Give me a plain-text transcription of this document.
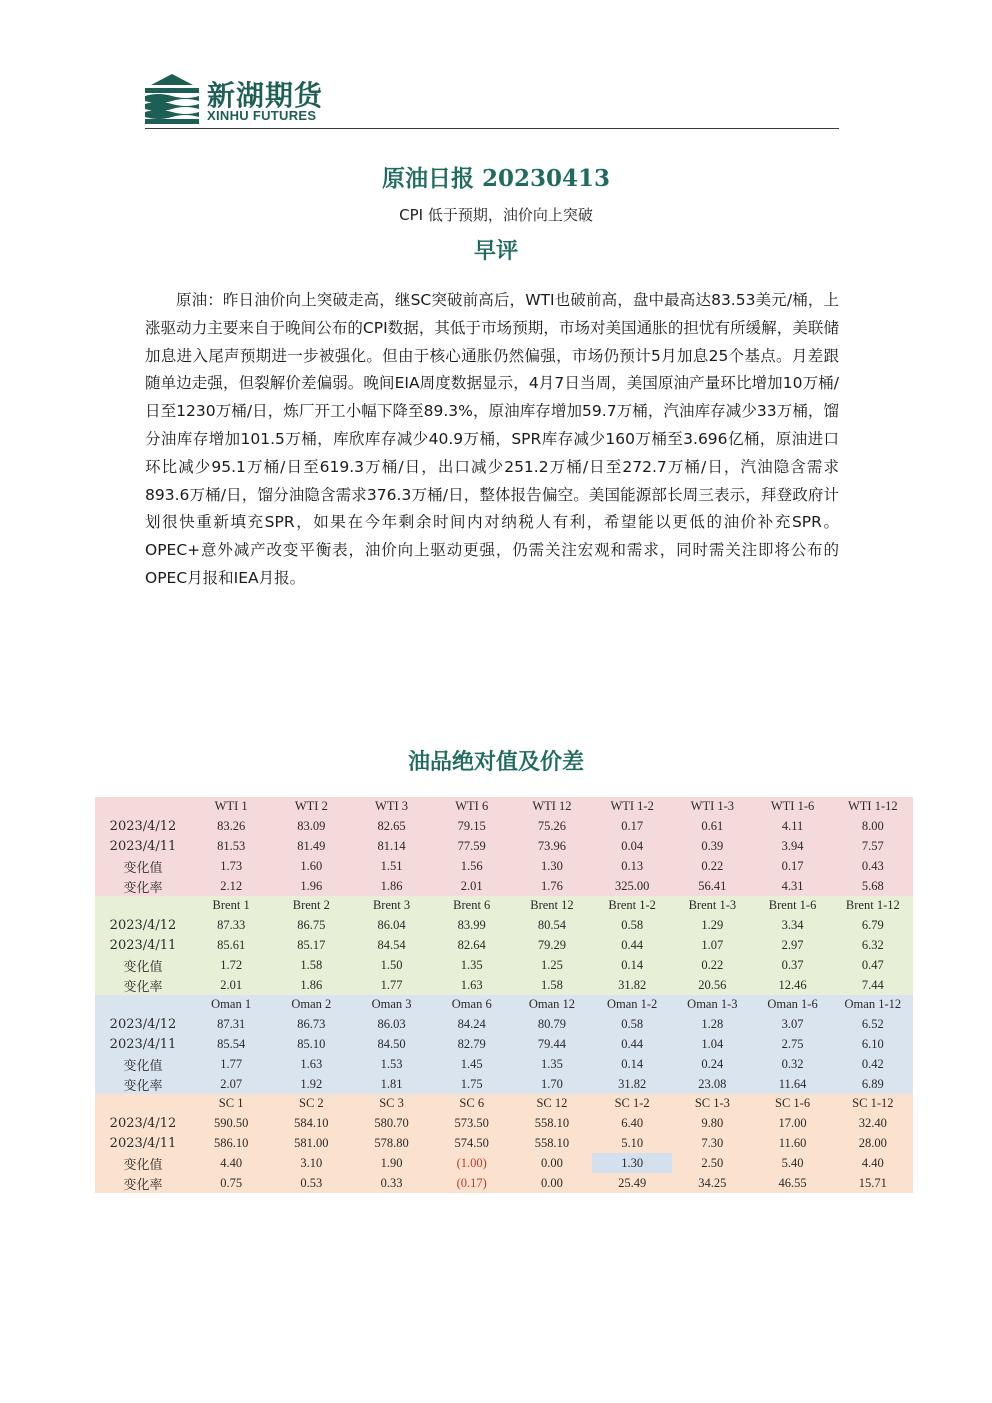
新湖期货
XINHU FUTURES
原油日报 20230413
CPI 低于预期，油价向上突破
早评
原油：昨日油价向上突破走高，继SC突破前高后，WTI也破前高，盘中最高达83.53美元/桶，上涨驱动力主要来自于晚间公布的CPI数据，其低于市场预期，市场对美国通胀的担忧有所缓解，美联储加息进入尾声预期进一步被强化。但由于核心通胀仍然偏强，市场仍预计5月加息25个基点。月差跟随单边走强，但裂解价差偏弱。晚间EIA周度数据显示，4月7日当周，美国原油产量环比增加10万桶/日至1230万桶/日，炼厂开工小幅下降至89.3%，原油库存增加59.7万桶，汽油库存减少33万桶，馏分油库存增加101.5万桶，库欣库存减少40.9万桶，SPR库存减少160万桶至3.696亿桶，原油进口环比减少95.1万桶/日至619.3万桶/日，出口减少251.2万桶/日至272.7万桶/日，汽油隐含需求893.6万桶/日，馏分油隐含需求376.3万桶/日，整体报告偏空。美国能源部长周三表示，拜登政府计划很快重新填充SPR，如果在今年剩余时间内对纳税人有利，希望能以更低的油价补充SPR。OPEC+意外减产改变平衡表，油价向上驱动更强，仍需关注宏观和需求，同时需关注即将公布的OPEC月报和IEA月报。
油品绝对值及价差
	WTI 1	WTI 2	WTI 3	WTI 6	WTI 12	WTI 1-2	WTI 1-3	WTI 1-6	WTI 1-12
2023/4/12	83.26	83.09	82.65	79.15	75.26	0.17	0.61	4.11	8.00
2023/4/11	81.53	81.49	81.14	77.59	73.96	0.04	0.39	3.94	7.57
变化值	1.73	1.60	1.51	1.56	1.30	0.13	0.22	0.17	0.43
变化率	2.12	1.96	1.86	2.01	1.76	325.00	56.41	4.31	5.68
	Brent 1	Brent 2	Brent 3	Brent 6	Brent 12	Brent 1-2	Brent 1-3	Brent 1-6	Brent 1-12
2023/4/12	87.33	86.75	86.04	83.99	80.54	0.58	1.29	3.34	6.79
2023/4/11	85.61	85.17	84.54	82.64	79.29	0.44	1.07	2.97	6.32
变化值	1.72	1.58	1.50	1.35	1.25	0.14	0.22	0.37	0.47
变化率	2.01	1.86	1.77	1.63	1.58	31.82	20.56	12.46	7.44
	Oman 1	Oman 2	Oman 3	Oman 6	Oman 12	Oman 1-2	Oman 1-3	Oman 1-6	Oman 1-12
2023/4/12	87.31	86.73	86.03	84.24	80.79	0.58	1.28	3.07	6.52
2023/4/11	85.54	85.10	84.50	82.79	79.44	0.44	1.04	2.75	6.10
变化值	1.77	1.63	1.53	1.45	1.35	0.14	0.24	0.32	0.42
变化率	2.07	1.92	1.81	1.75	1.70	31.82	23.08	11.64	6.89
	SC 1	SC 2	SC 3	SC 6	SC 12	SC 1-2	SC 1-3	SC 1-6	SC 1-12
2023/4/12	590.50	584.10	580.70	573.50	558.10	6.40	9.80	17.00	32.40
2023/4/11	586.10	581.00	578.80	574.50	558.10	5.10	7.30	11.60	28.00
变化值	4.40	3.10	1.90	(1.00)	0.00	1.30	2.50	5.40	4.40
变化率	0.75	0.53	0.33	(0.17)	0.00	25.49	34.25	46.55	15.71
